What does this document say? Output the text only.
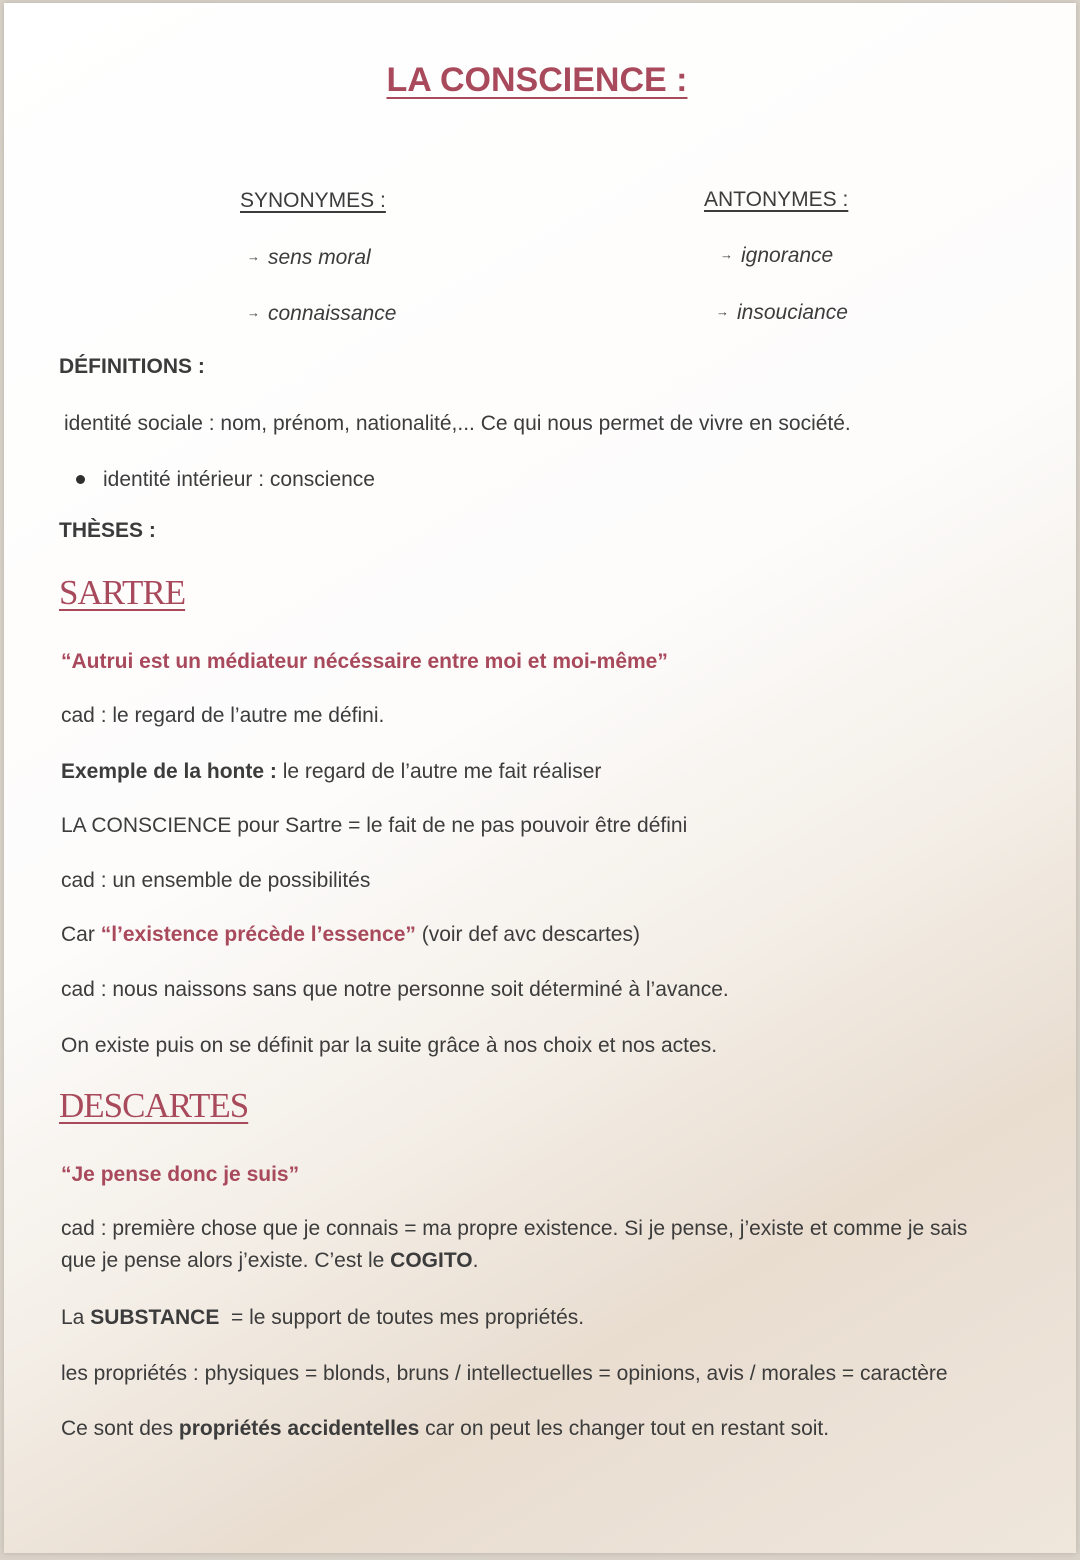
LA CONSCIENCE :
SYNONYMES :
→ sens moral
→ connaissance
ANTONYMES :
→ ignorance
→ insouciance
DÉFINITIONS :
identité sociale : nom, prénom, nationalité,... Ce qui nous permet de vivre en société.
identité intérieur : conscience
THÈSES :
SARTRE
“Autrui est un médiateur nécéssaire entre moi et moi-même”
cad : le regard de l’autre me défini.
Exemple de la honte : le regard de l’autre me fait réaliser
LA CONSCIENCE pour Sartre = le fait de ne pas pouvoir être défini
cad : un ensemble de possibilités
Car “l’existence précède l’essence” (voir def avc descartes)
cad : nous naissons sans que notre personne soit déterminé à l’avance.
On existe puis on se définit par la suite grâce à nos choix et nos actes.
DESCARTES
“Je pense donc je suis”
cad : première chose que je connais = ma propre existence. Si je pense, j’existe et comme je sais
que je pense alors j’existe. C’est le COGITO.
La SUBSTANCE  = le support de toutes mes propriétés.
les propriétés : physiques = blonds, bruns / intellectuelles = opinions, avis / morales = caractère
Ce sont des propriétés accidentelles car on peut les changer tout en restant soit.
